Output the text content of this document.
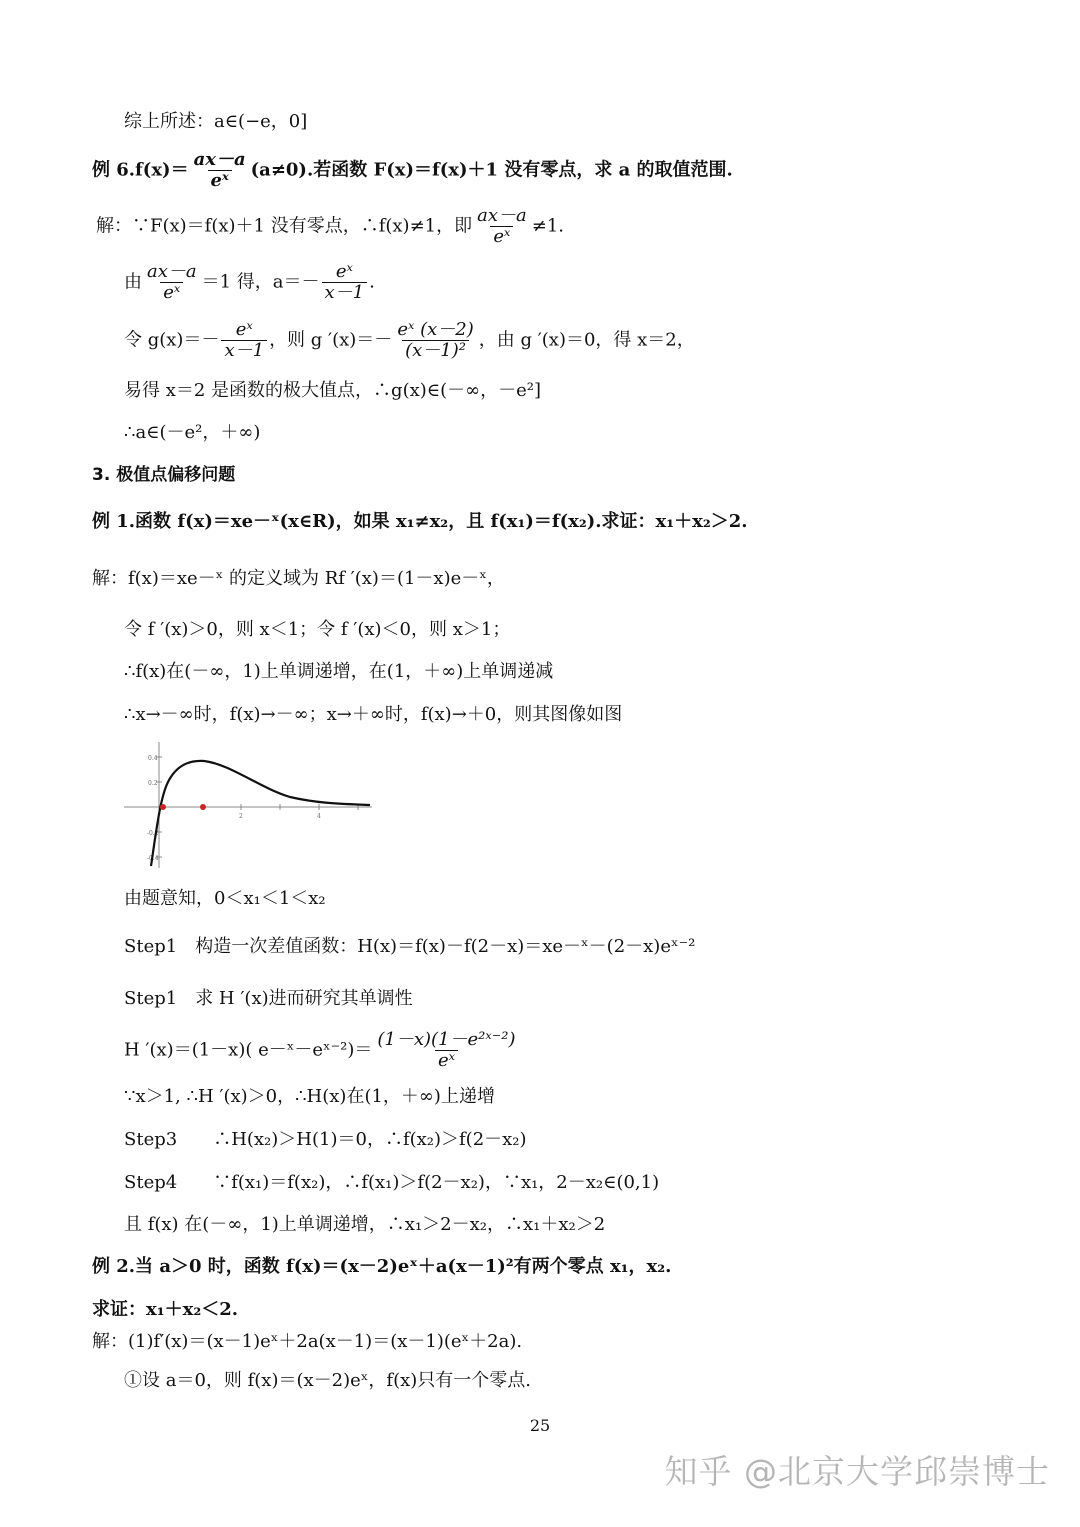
综上所述：a∈(−e，0]
例 $6.f(x)= \frac{ax-a}{\text{eˣ}} (a\ne 0)$.若函数 F(x)＝f(x)＋1 没有零点，求 a 的取值范围.
解：∵F(x)＝f(x)＋1 没有零点，∴f(x)≠1，即 $\frac{ax-a}{\text{eˣ}} \ne 1$.
由 $\frac{ax-a}{\text{eˣ}} =1$ 得，$a=- \frac{\text{eˣ}}{x-1}$ .
令 $g(x)=- \frac{\text{eˣ}}{x-1}$ ，则 g $'(x)=- \frac{\text{eˣ (x－2)}}{\text{(x－1)²}}$ ，由 g ′(x)＝0，得 x＝2，
易得 x＝2 是函数的极大值点，∴g(x)∈(－∞，－e²]
∴a∈(－e²，＋∞)
3. 极值点偏移问题
例 1.函数 f(x)＝xe－ˣ(x∈R)，如果 x₁≠x₂，且 f(x₁)＝f(x₂).求证：x₁＋x₂＞2.
解：f(x)＝xe－ˣ 的定义域为 Rf ′(x)＝(1－x)e－ˣ，
令 f ′(x)＞0，则 x＜1；令 f ′(x)＜0，则 x＞1；
∴f(x)在(－∞，1)上单调递增，在(1，＋∞)上单调递减
∴x→－∞时，f(x)→－∞；x→＋∞时，f(x)→＋0，则其图像如图
0.4
0.2
-0.2
-0.4
2	4
由题意知，0＜x₁＜1＜x₂
Step1　构造一次差值函数：H(x)＝f(x)－f(2－x)＝xe－ˣ－(2－x)eˣ⁻²
Step1　求 H ′(x)进而研究其单调性
H ′(x)＝(1－x)( e－ˣ－eˣ⁻²)＝ $\frac{\text{(1－x)(1－e²ˣ⁻²)}}{\text{eˣ}}$
∵x＞1, ∴H ′(x)＞0，∴H(x)在(1，＋∞)上递增
Step3　　∴H(x₂)＞H(1)＝0，∴f(x₂)＞f(2－x₂)
Step4　　∵f(x₁)＝f(x₂)，∴f(x₁)＞f(2－x₂)，∵x₁，2－x₂∈(0,1)
且 f(x) 在(－∞，1)上单调递增，∴x₁＞2－x₂，∴x₁＋x₂＞2
例 2.当 a＞0 时，函数 f(x)＝(x－2)eˣ＋a(x－1)²有两个零点 x₁，x₂.
求证：x₁＋x₂＜2.
解：(1)f′(x)＝(x－1)eˣ＋2a(x－1)＝(x－1)(eˣ＋2a).
①设 a＝0，则 f(x)＝(x－2)eˣ，f(x)只有一个零点.
25
知乎 @北京大学邱崇博士
